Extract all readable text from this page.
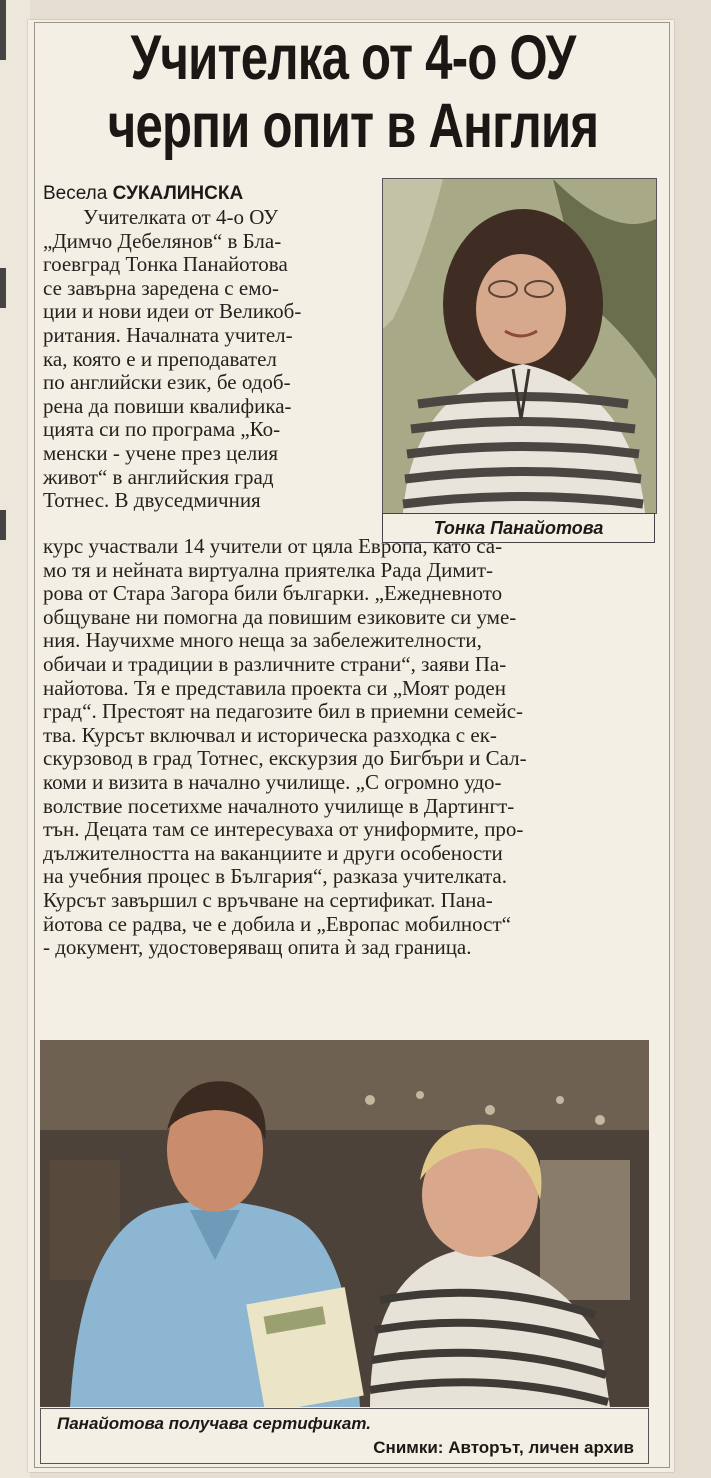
Учителка от 4-о ОУ
черпи опит в Англия
Весела СУКАЛИНСКА

Учителката от 4-о ОУ
„Димчо Дебелянов“ в Бла-
гоевград Тонка Панайотова
се завърна заредена с емо-
ции и нови идеи от Великоб-
ритания. Началната учител-
ка, която е и преподавател
по английски език, бе одоб-
рена да повиши квалифика-
цията си по програма „Ко-
менски - учене през целия
живот“ в английския град
Тотнес. В двуседмичния

Тонка Панайотова

курс участвали 14 учители от цяла Европа, като са-
мо тя и нейната виртуална приятелка Рада Димит-
рова от Стара Загора били българки. „Ежедневното
общуване ни помогна да повишим езиковите си уме-
ния. Научихме много неща за забележителности,
обичаи и традиции в различните страни“, заяви Па-
найотова. Тя е представила проекта си „Моят роден
град“. Престоят на педагозите бил в приемни семейс-
тва. Курсът включвал и историческа разходка с ек-
скурзовод в град Тотнес, екскурзия до Бигбъри и Сал-
коми и визита в начално училище. „С огромно удо-
волствие посетихме началното училище в Дартингт-
тън. Децата там се интересуваха от униформите, про-
дължителността на ваканциите и други особености
на учебния процес в България“, разказа учителката.
Курсът завършил с връчване на сертификат. Пана-
йотова се радва, че е добила и „Европас мобилност“
- документ, удостоверяващ опита ѝ зад граница.

Панайотова получава сертификат.
Снимки: Авторът, личен архив
